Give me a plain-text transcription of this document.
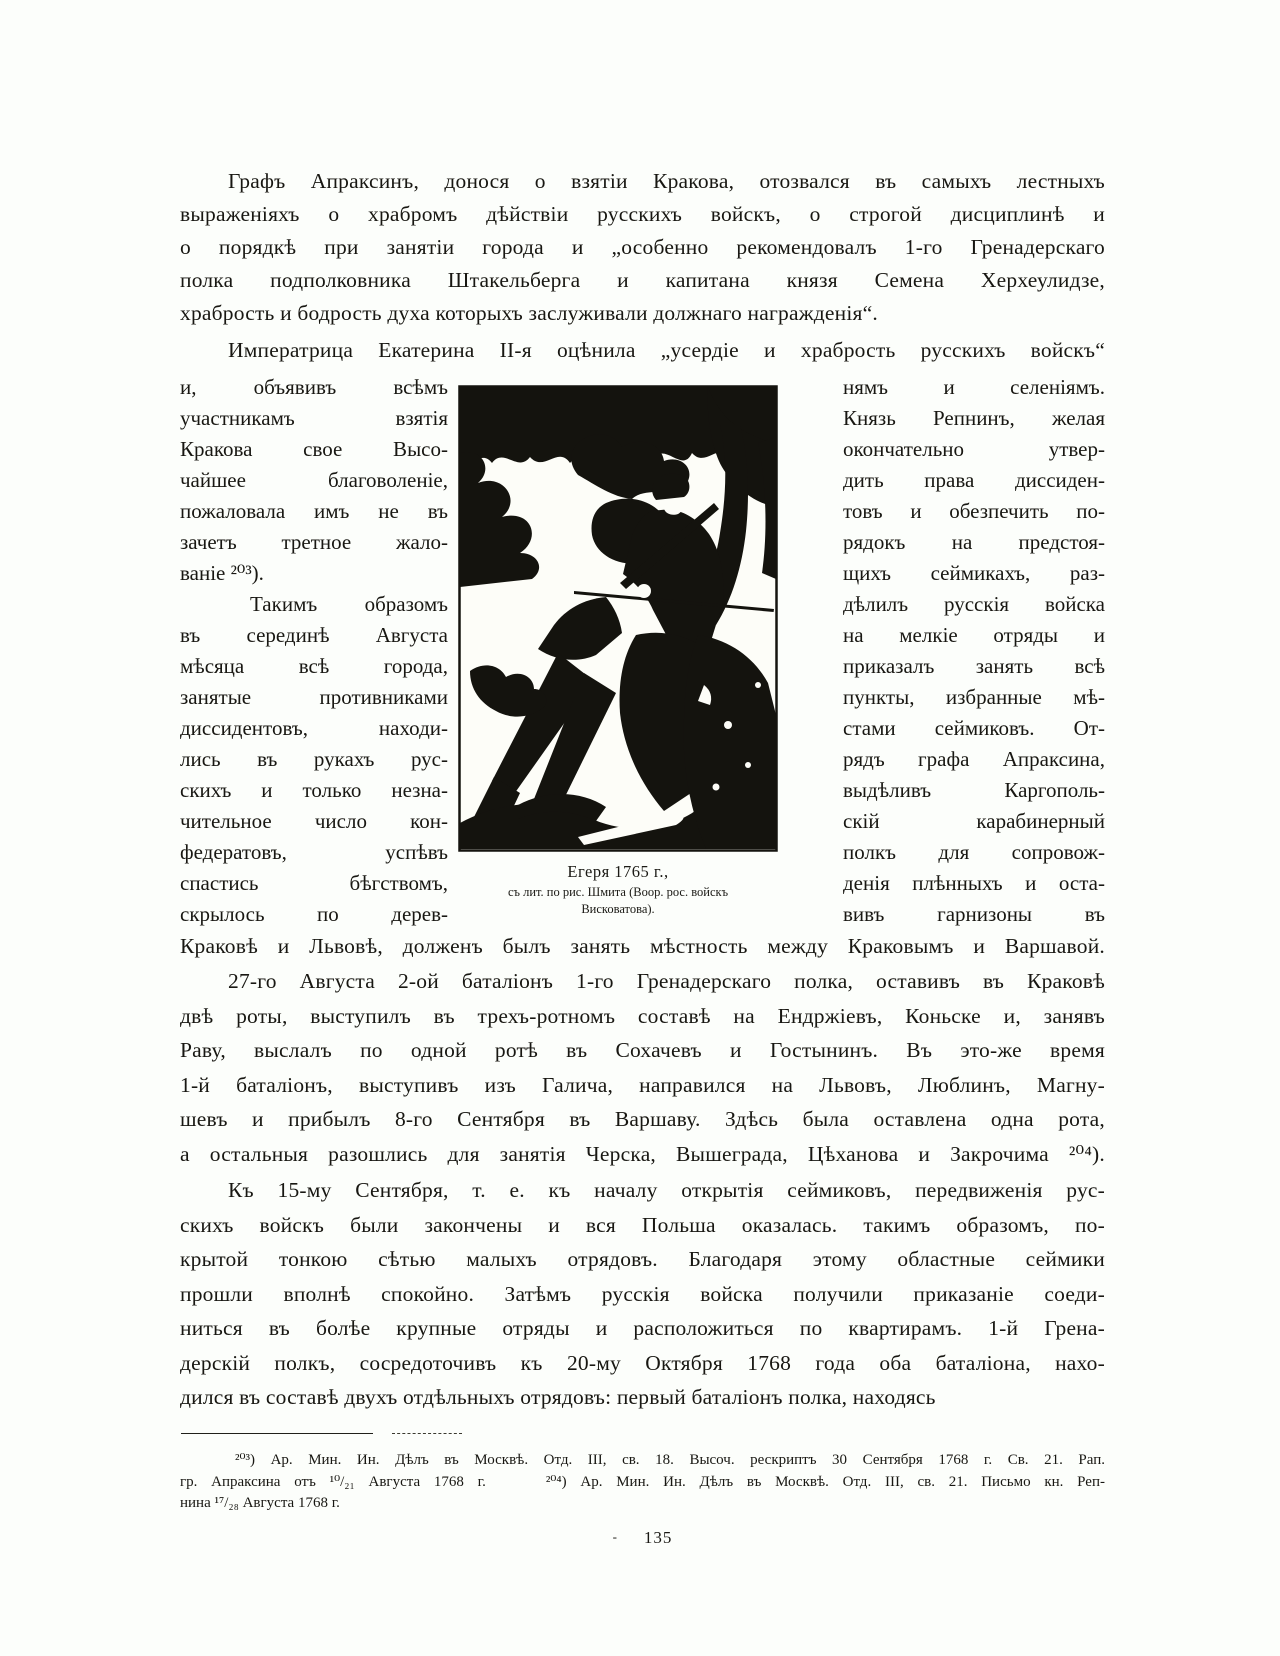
Графъ Апраксинъ, донося о взятіи Кракова, отозвался въ самыхъ лестныхъ
выраженіяхъ о храбромъ дѣйствіи русскихъ войскъ, о строгой дисциплинѣ и
о порядкѣ при занятіи города и „особенно рекомендовалъ 1-го Гренадерскаго
полка подполковника Штакельберга и капитана князя Семена Херхеулидзе,
храбрость и бодрость духа которыхъ заслуживали должнаго награжденія“.
Императрица Екатерина II-я оцѣнила „усердіе и храбрость русскихъ войскъ“
и, объявивъ всѣмъ
участникамъ взятія
Кракова свое Высо-
чайшее благоволеніе,
пожаловала имъ не въ
зачетъ третное жало-
ваніе ²⁰³).
Такимъ образомъ
въ серединѣ Августа
мѣсяца всѣ города,
занятые противниками
диссидентовъ, находи-
лись въ рукахъ рус-
скихъ и только незна-
чительное число кон-
федератовъ, успѣвъ
спастись бѣгствомъ,
скрылось по дерев-
нямъ и селеніямъ.
Князь Репнинъ, желая
окончательно утвер-
дить права диссиден-
товъ и обезпечить по-
рядокъ на предстоя-
щихъ сеймикахъ, раз-
дѣлилъ русскія войска
на мелкіе отряды и
приказалъ занять всѣ
пункты, избранные мѣ-
стами сеймиковъ. От-
рядъ графа Апраксина,
выдѣливъ Каргополь-
скій карабинерный
полкъ для сопровож-
денія плѣнныхъ и оста-
вивъ гарнизоны въ
Егеря 1765 г.,
съ лит. по рис. Шмита (Воор. рос. войскъ
Висковатова).
Краковѣ и Львовѣ, долженъ былъ занять мѣстность между Краковымъ и Варшавой.
27-го Августа 2-ой баталіонъ 1-го Гренадерскаго полка, оставивъ въ Краковѣ
двѣ роты, выступилъ въ трехъ-ротномъ составѣ на Ендржіевъ, Коньске и, занявъ
Раву, выслалъ по одной ротѣ въ Сохачевъ и Гостынинъ. Въ это-же время
1-й баталіонъ, выступивъ изъ Галича, направился на Львовъ, Люблинъ, Магну-
шевъ и прибылъ 8-го Сентября въ Варшаву. Здѣсь была оставлена одна рота,
а остальныя разошлись для занятія Черска, Вышеграда, Цѣханова и Закрочима ²⁰⁴).
Къ 15-му Сентября, т. е. къ началу открытія сеймиковъ, передвиженія рус-
скихъ войскъ были закончены и вся Польша оказалась. такимъ образомъ, по-
крытой тонкою сѣтью малыхъ отрядовъ. Благодаря этому областные сеймики
прошли вполнѣ спокойно. Затѣмъ русскія войска получили приказаніе соеди-
ниться въ болѣе крупные отряды и расположиться по квартирамъ. 1-й Грена-
дерскій полкъ, сосредоточивъ къ 20-му Октября 1768 года оба баталіона, нахо-
дился въ составѣ двухъ отдѣльныхъ отрядовъ: первый баталіонъ полка, находясь
²⁰³) Ар. Мин. Ин. Дѣлъ въ Москвѣ. Отд. III, св. 18. Высоч. рескриптъ 30 Сентября 1768 г. Св. 21. Рап.
гр. Апраксина отъ ¹⁰/₂₁ Августа 1768 г.    ²⁰⁴) Ар. Мин. Ин. Дѣлъ въ Москвѣ. Отд. III, св. 21. Письмо кн. Реп-
нина ¹⁷/₂₈ Августа 1768 г.
- 135
